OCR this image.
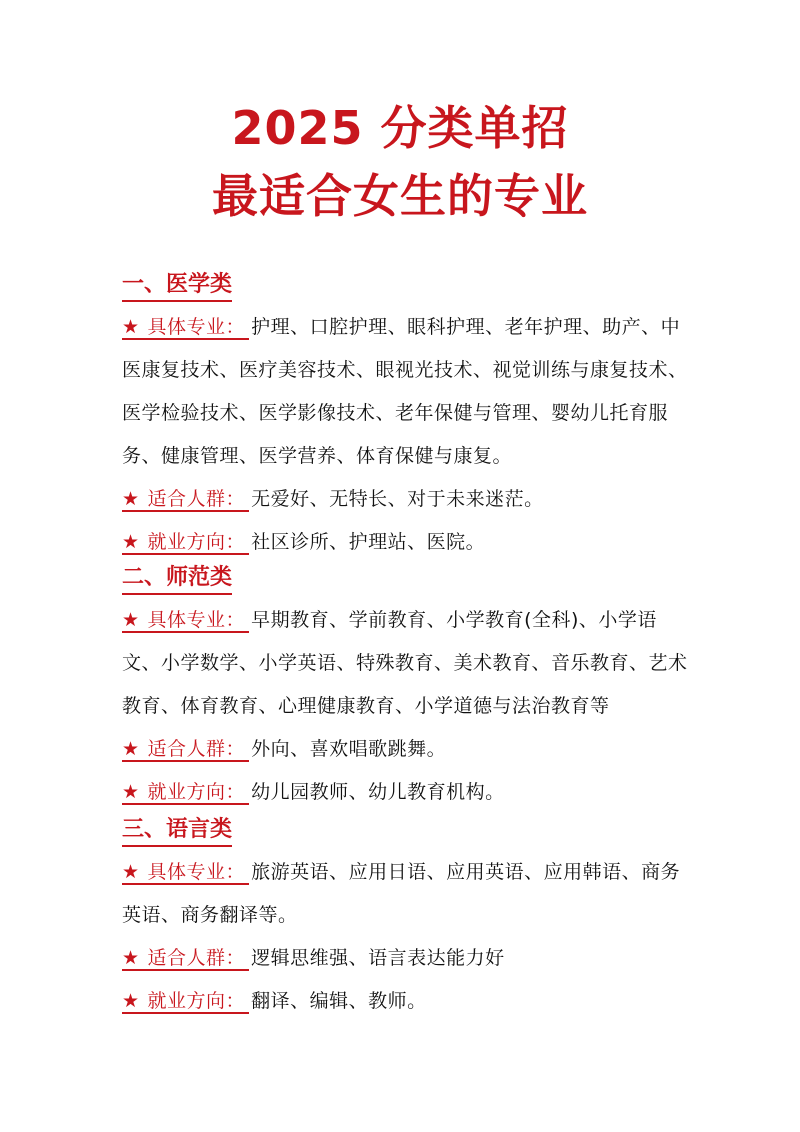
2025 分类单招
最适合女生的专业
一、医学类
★ 具体专业： 护理、口腔护理、眼科护理、老年护理、助产、中医康复技术、医疗美容技术、眼视光技术、视觉训练与康复技术、医学检验技术、医学影像技术、老年保健与管理、婴幼儿托育服务、健康管理、医学营养、体育保健与康复。
★ 适合人群： 无爱好、无特长、对于未来迷茫。
★ 就业方向： 社区诊所、护理站、医院。
二、师范类
★ 具体专业： 早期教育、学前教育、小学教育(全科)、小学语文、小学数学、小学英语、特殊教育、美术教育、音乐教育、艺术教育、体育教育、心理健康教育、小学道德与法治教育等
★ 适合人群： 外向、喜欢唱歌跳舞。
★ 就业方向： 幼儿园教师、幼儿教育机构。
三、语言类
★ 具体专业： 旅游英语、应用日语、应用英语、应用韩语、商务英语、商务翻译等。
★ 适合人群： 逻辑思维强、语言表达能力好
★ 就业方向： 翻译、编辑、教师。
